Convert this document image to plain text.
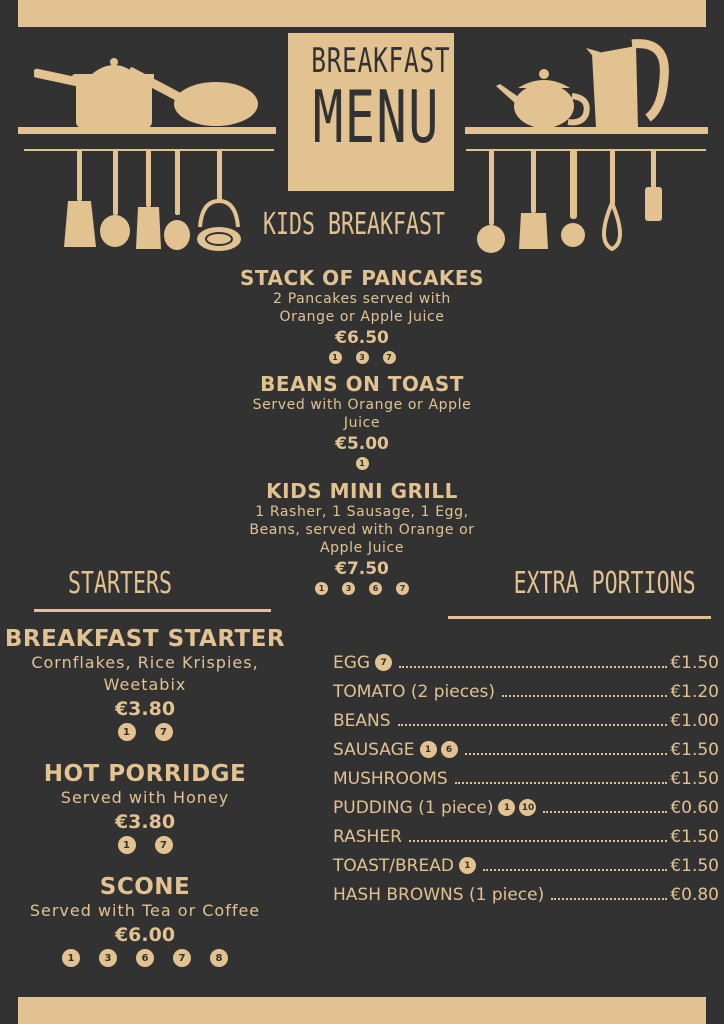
BREAKFAST
MENU
KIDS BREAKFAST
STARTERS	EXTRA PORTIONS
STACK OF PANCAKES
2 Pancakes served with
Orange or Apple Juice
€6.50
1	3	7
BEANS ON TOAST
Served with Orange or Apple
Juice
€5.00
1
KIDS MINI GRILL
1 Rasher, 1 Sausage, 1 Egg,
Beans, served with Orange or
Apple Juice
€7.50
1	3	6	7
BREAKFAST STARTER
Cornflakes, Rice Krispies,
Weetabix
€3.80
1	7
HOT PORRIDGE
Served with Honey
€3.80
1	7
SCONE
Served with Tea or Coffee
€6.00
1	3	6	7	8
EGG	7	€1.50
TOMATO (2 pieces)	€1.20
BEANS	€1.00
SAUSAGE	1	6	€1.50
MUSHROOMS	€1.50
PUDDING (1 piece)	1	10	€0.60
RASHER	€1.50
TOAST/BREAD	1	€1.50
HASH BROWNS (1 piece)	€0.80
